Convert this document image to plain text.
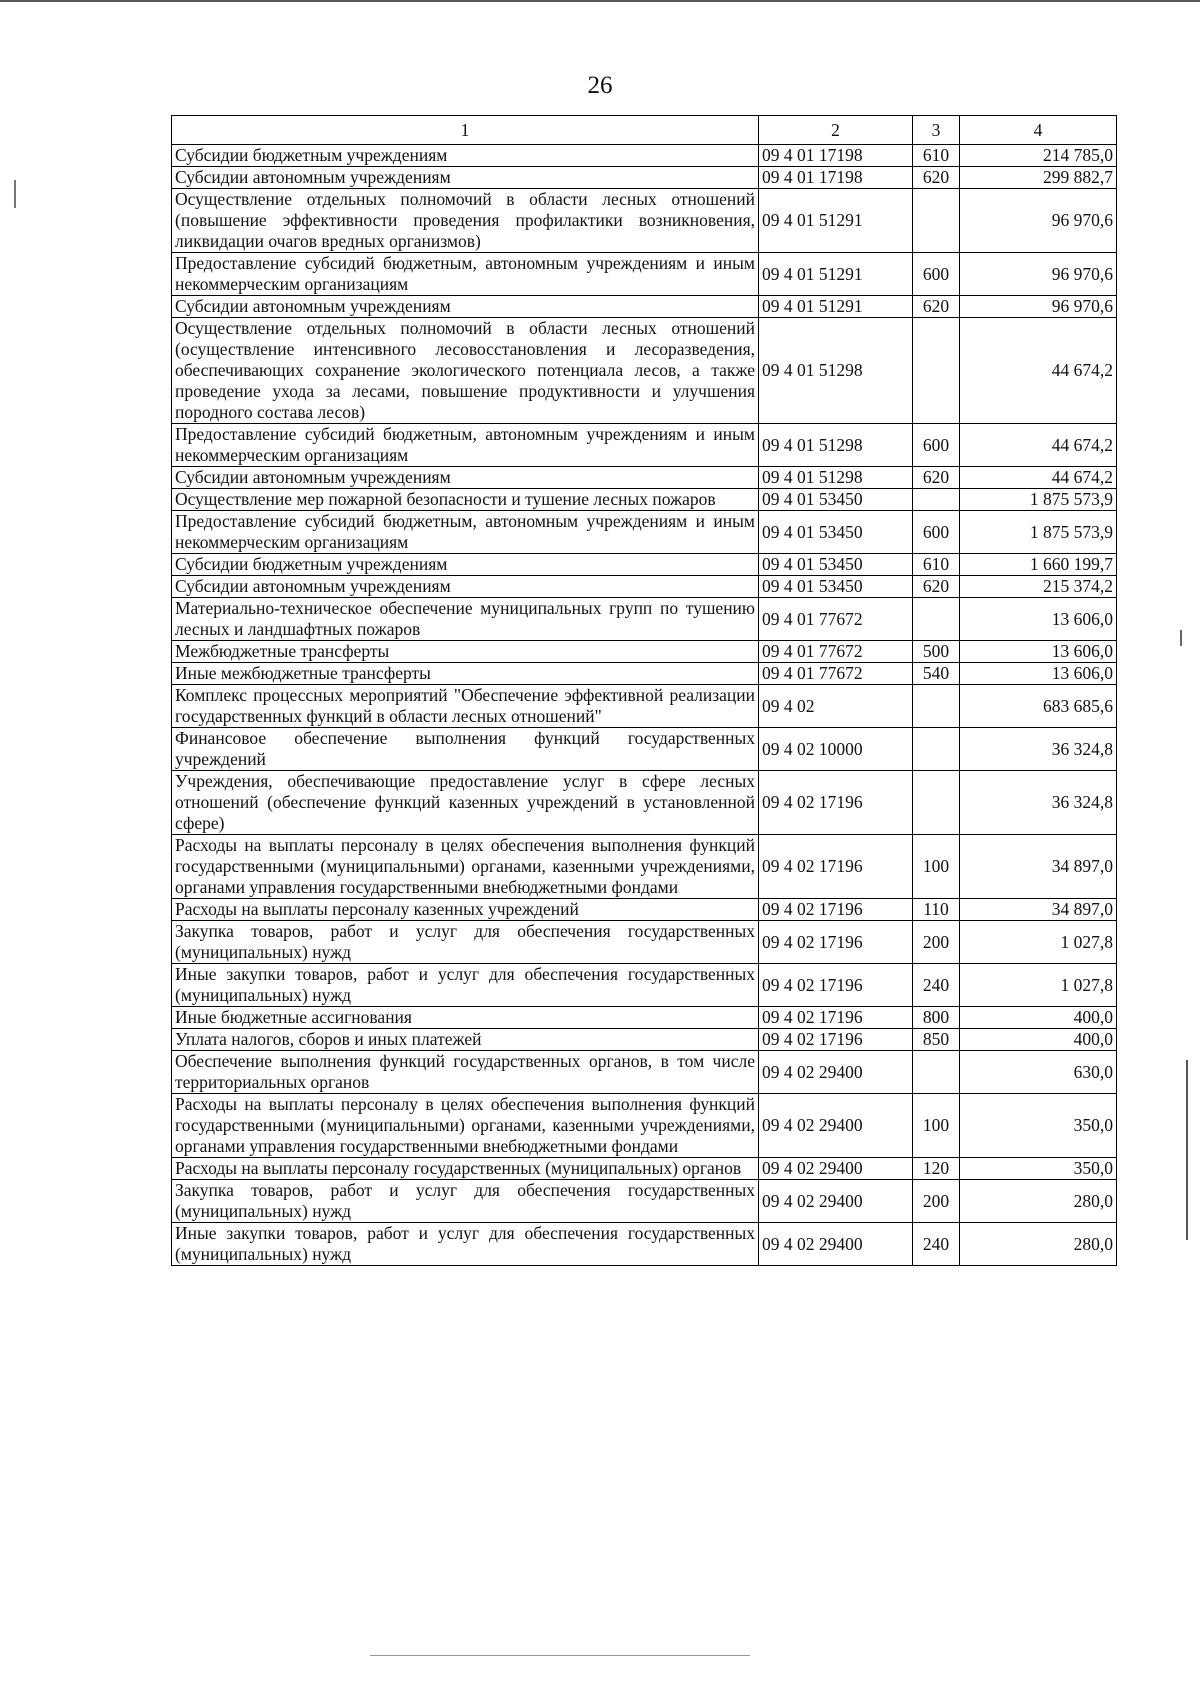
26
1	2	3	4
Субсидии бюджетным учреждениям	09 4 01 17198	610	214 785,0
Субсидии автономным учреждениям	09 4 01 17198	620	299 882,7
Осуществление отдельных полномочий в области лесных отношений (повышение эффективности проведения профилактики возникновения, ликвидации очагов вредных организмов)	09 4 01 51291		96 970,6
Предоставление субсидий бюджетным, автономным учреждениям и иным некоммерческим организациям	09 4 01 51291	600	96 970,6
Субсидии автономным учреждениям	09 4 01 51291	620	96 970,6
Осуществление отдельных полномочий в области лесных отношений (осуществление интенсивного лесовосстановления и лесоразведения, обеспечивающих сохранение экологического потенциала лесов, а также проведение ухода за лесами, повышение продуктивности и улучшения породного состава лесов)	09 4 01 51298		44 674,2
Предоставление субсидий бюджетным, автономным учреждениям и иным некоммерческим организациям	09 4 01 51298	600	44 674,2
Субсидии автономным учреждениям	09 4 01 51298	620	44 674,2
Осуществление мер пожарной безопасности и тушение лесных пожаров	09 4 01 53450		1 875 573,9
Предоставление субсидий бюджетным, автономным учреждениям и иным некоммерческим организациям	09 4 01 53450	600	1 875 573,9
Субсидии бюджетным учреждениям	09 4 01 53450	610	1 660 199,7
Субсидии автономным учреждениям	09 4 01 53450	620	215 374,2
Материально-техническое обеспечение муниципальных групп по тушению лесных и ландшафтных пожаров	09 4 01 77672		13 606,0
Межбюджетные трансферты	09 4 01 77672	500	13 606,0
Иные межбюджетные трансферты	09 4 01 77672	540	13 606,0
Комплекс процессных мероприятий "Обеспечение эффективной реализации государственных функций в области лесных отношений"	09 4 02		683 685,6
Финансовое обеспечение выполнения функций государственных учреждений	09 4 02 10000		36 324,8
Учреждения, обеспечивающие предоставление услуг в сфере лесных отношений (обеспечение функций казенных учреждений в установленной сфере)	09 4 02 17196		36 324,8
Расходы на выплаты персоналу в целях обеспечения выполнения функций государственными (муниципальными) органами, казенными учреждениями, органами управления государственными внебюджетными фондами	09 4 02 17196	100	34 897,0
Расходы на выплаты персоналу казенных учреждений	09 4 02 17196	110	34 897,0
Закупка товаров, работ и услуг для обеспечения государственных (муниципальных) нужд	09 4 02 17196	200	1 027,8
Иные закупки товаров, работ и услуг для обеспечения государственных (муниципальных) нужд	09 4 02 17196	240	1 027,8
Иные бюджетные ассигнования	09 4 02 17196	800	400,0
Уплата налогов, сборов и иных платежей	09 4 02 17196	850	400,0
Обеспечение выполнения функций государственных органов, в том числе территориальных органов	09 4 02 29400		630,0
Расходы на выплаты персоналу в целях обеспечения выполнения функций государственными (муниципальными) органами, казенными учреждениями, органами управления государственными внебюджетными фондами	09 4 02 29400	100	350,0
Расходы на выплаты персоналу государственных (муниципальных) органов	09 4 02 29400	120	350,0
Закупка товаров, работ и услуг для обеспечения государственных (муниципальных) нужд	09 4 02 29400	200	280,0
Иные закупки товаров, работ и услуг для обеспечения государственных (муниципальных) нужд	09 4 02 29400	240	280,0
